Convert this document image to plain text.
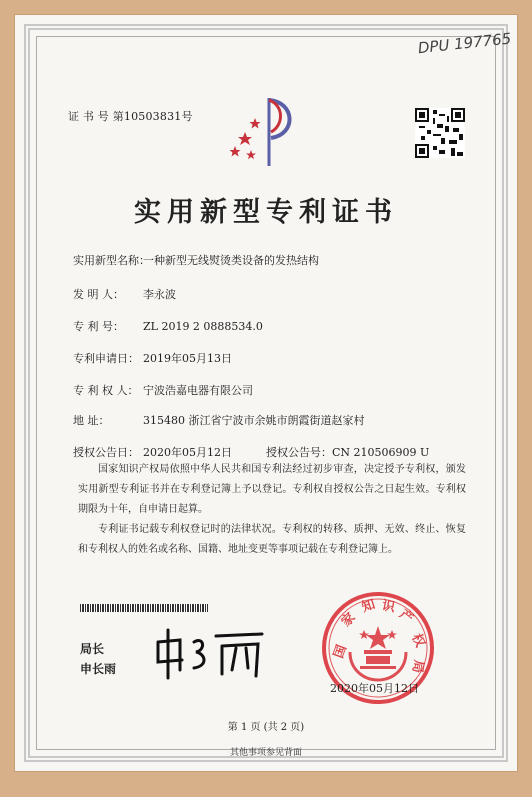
DPU 197765
证 书 号 第10503831号
实用新型专利证书
实用新型名称：一种新型无线熨烫类设备的发热结构
发 明 人： 李永波
专 利 号： ZL 2019 2 0888534.0
专利申请日： 2019年05月13日
专 利 权 人： 宁波浩嘉电器有限公司
地 址：	315480 浙江省宁波市余姚市朗霞街道赵家村
授权公告日： 2020年05月12日	授权公告号：CN 210506909 U
国家知识产权局依照中华人民共和国专利法经过初步审查，决定授予专利权，颁发实用新型专利证书并在专利登记簿上予以登记。专利权自授权公告之日起生效。专利权期限为十年，自申请日起算。
专利证书记载专利权登记时的法律状况。专利权的转移、质押、无效、终止、恢复和专利权人的姓名或名称、国籍、地址变更等事项记载在专利登记簿上。
局长
申长雨
国
家
知 识 产
权
局
2020年05月12日
第 1 页 (共 2 页)
其他事项参见背面
